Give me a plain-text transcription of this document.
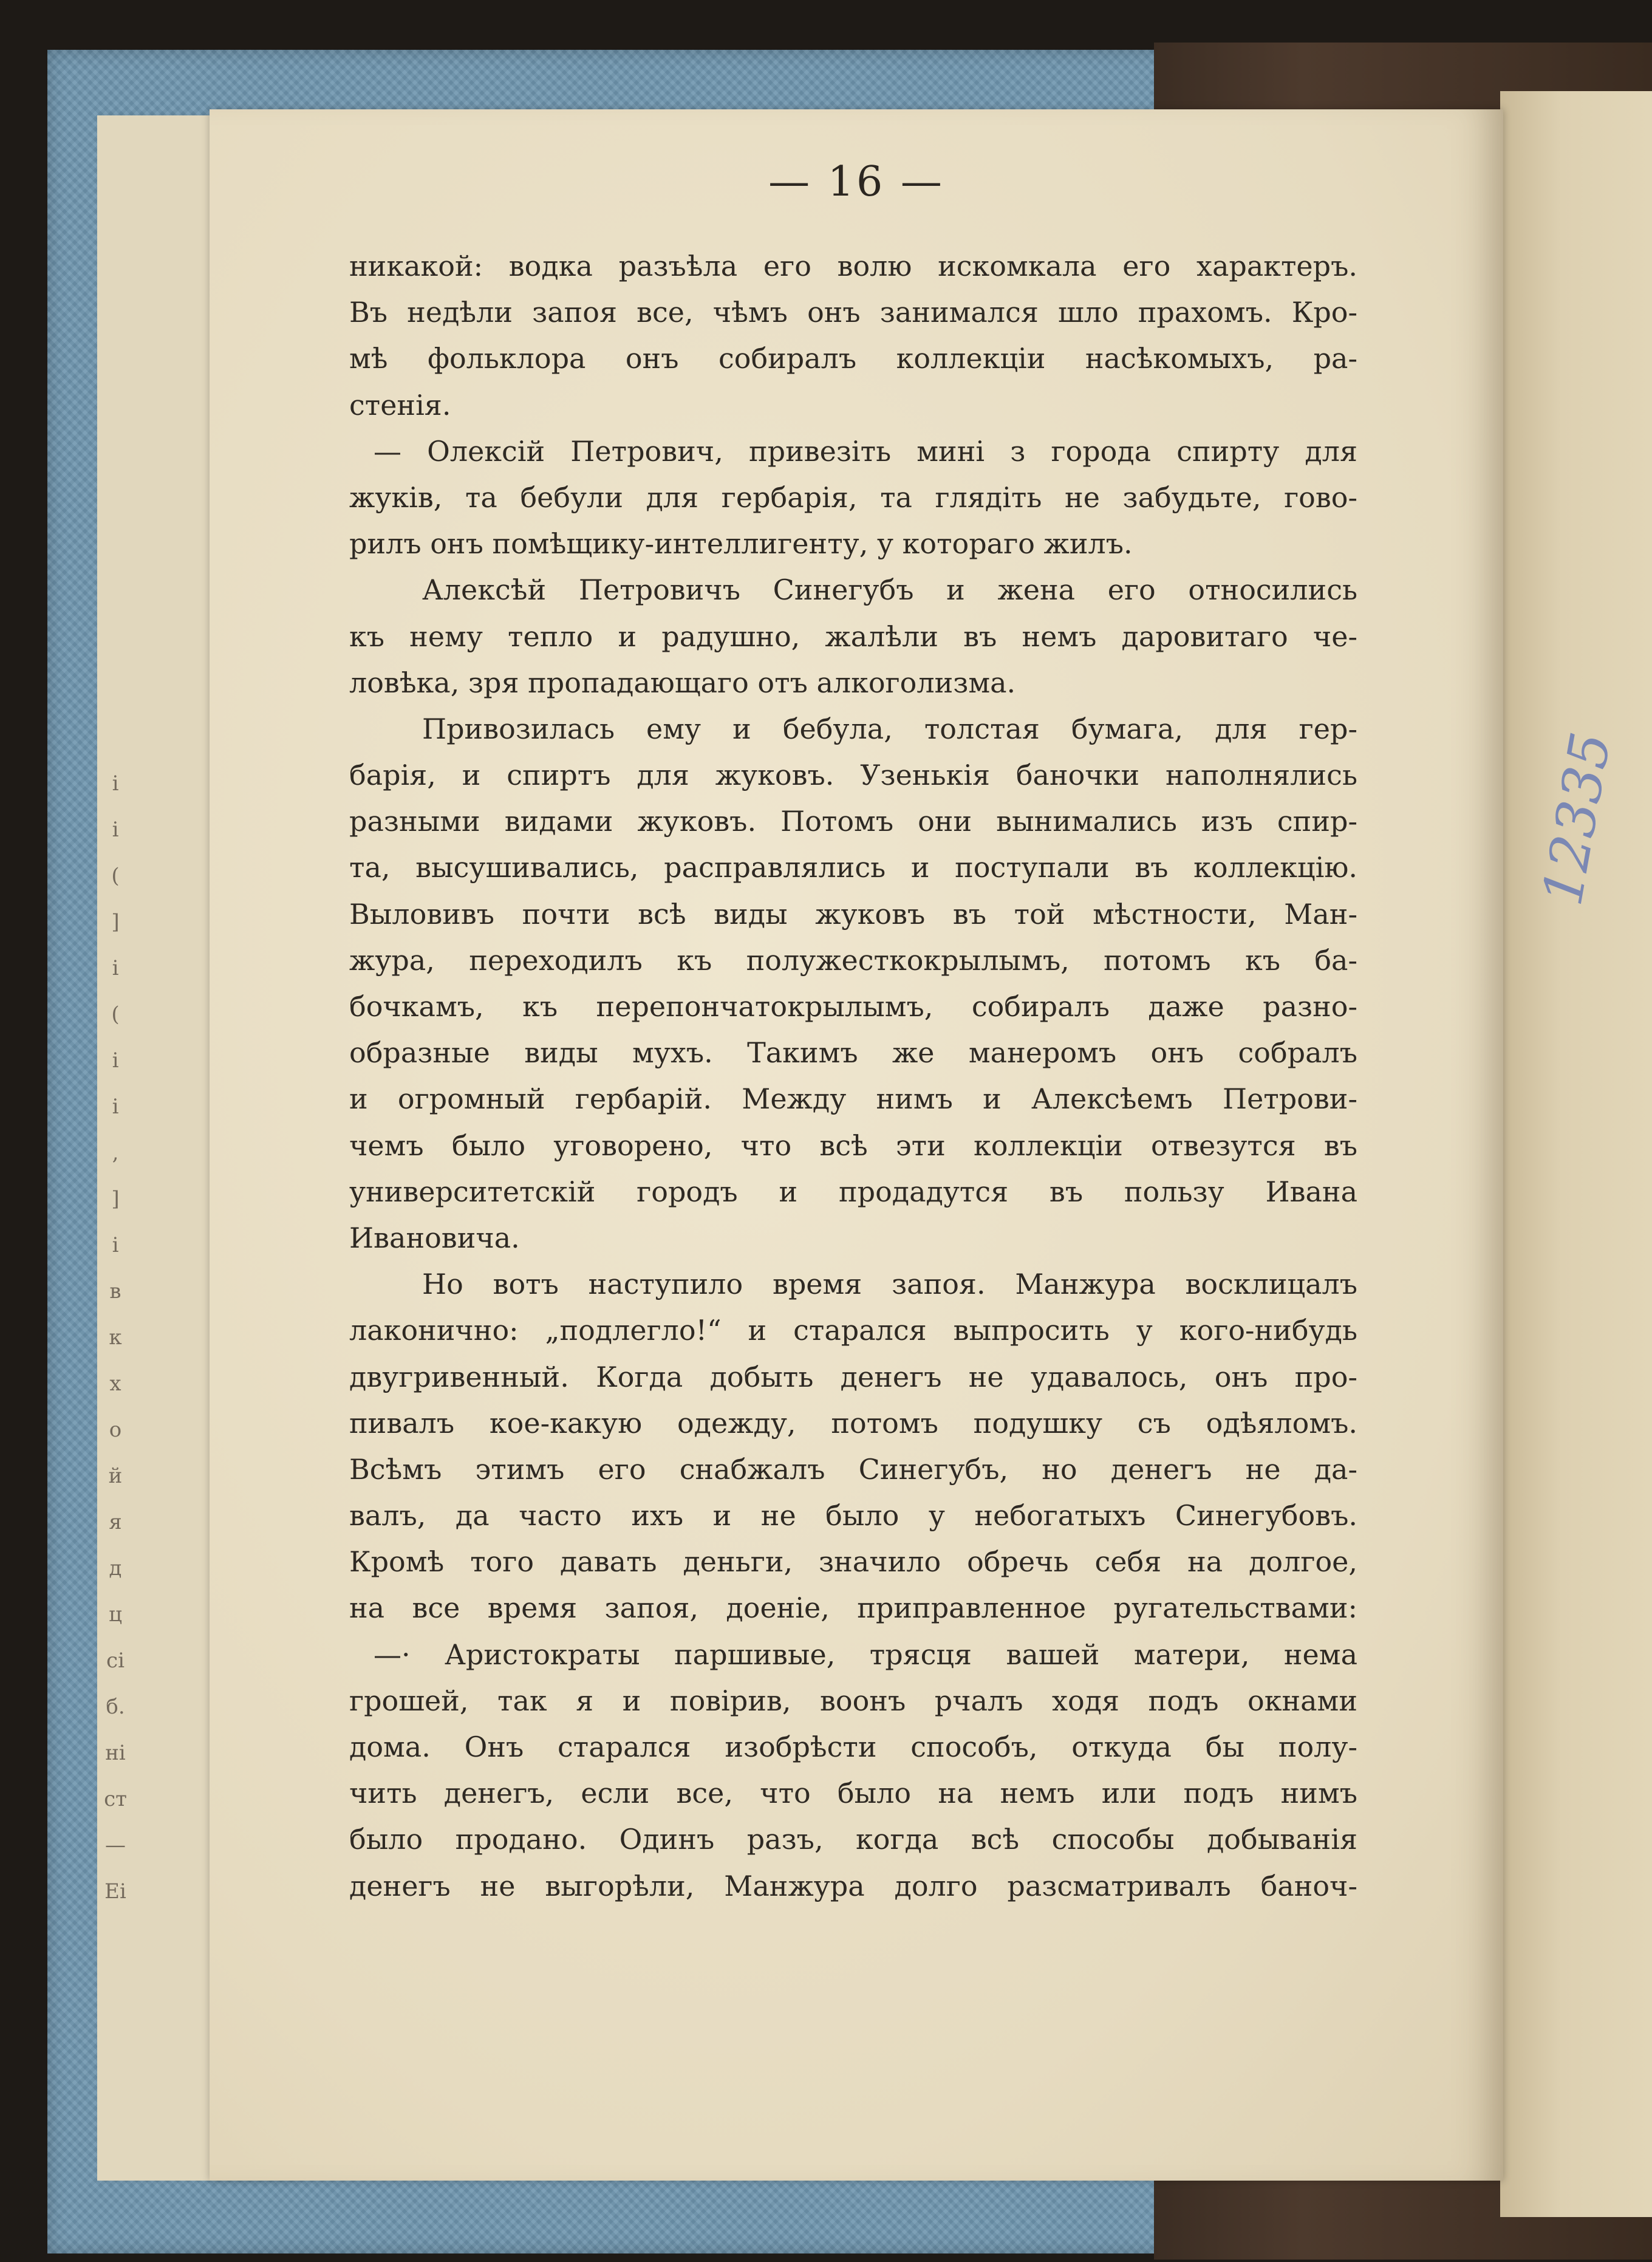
і
і
(
]
і
(
і
і
,
]
і
в
к
х
о
й
я
д
ц
сі
б.
ні
ст
—
Еі
— 16 —
никакой: водка разъѣла его волю искомкала его характеръ.
Въ недѣли запоя все, чѣмъ онъ занимался шло прахомъ. Кро-
мѣ фольклора онъ собиралъ коллекціи насѣкомыхъ, ра-
стенія.
— Олексій Петрович, привезіть мині з города спирту для
жуків, та бебули для гербарія, та глядіть не забудьте, гово-
рилъ онъ помѣщику-интеллигенту, у котораго жилъ.
Алексѣй Петровичъ Синегубъ и жена его относились
къ нему тепло и радушно, жалѣли въ немъ даровитаго че-
ловѣка, зря пропадающаго отъ алкоголизма.
Привозилась ему и бебула, толстая бумага, для гер-
барія, и спиртъ для жуковъ. Узенькія баночки наполнялись
разными видами жуковъ. Потомъ они вынимались изъ спир-
та, высушивались, расправлялись и поступали въ коллекцію.
Выловивъ почти всѣ виды жуковъ въ той мѣстности, Ман-
жура, переходилъ къ полужесткокрылымъ, потомъ къ ба-
бочкамъ, къ перепончатокрылымъ, собиралъ даже разно-
образные виды мухъ. Такимъ же манеромъ онъ собралъ
и огромный гербарій. Между нимъ и Алексѣемъ Петрови-
чемъ было уговорено, что всѣ эти коллекціи отвезутся въ
университетскій городъ и продадутся въ пользу Ивана
Ивановича.
Но вотъ наступило время запоя. Манжура восклицалъ
лаконично: „подлегло!“ и старался выпросить у кого-нибудь
двугривенный. Когда добыть денегъ не удавалось, онъ про-
пивалъ кое-какую одежду, потомъ подушку съ одѣяломъ.
Всѣмъ этимъ его снабжалъ Синегубъ, но денегъ не да-
валъ, да часто ихъ и не было у небогатыхъ Синегубовъ.
Кромѣ того давать деньги, значило обречь себя на долгое,
на все время запоя, доеніе, приправленное ругательствами:
—· Аристократы паршивые, трясця вашей матери, нема
грошей, так я и повірив, воонъ рчалъ ходя подъ окнами
дома. Онъ старался изобрѣсти способъ, откуда бы полу-
чить денегъ, если все, что было на немъ или подъ нимъ
было продано. Одинъ разъ, когда всѣ способы добыванія
денегъ не выгорѣли, Манжура долго разсматривалъ баноч-
12335
